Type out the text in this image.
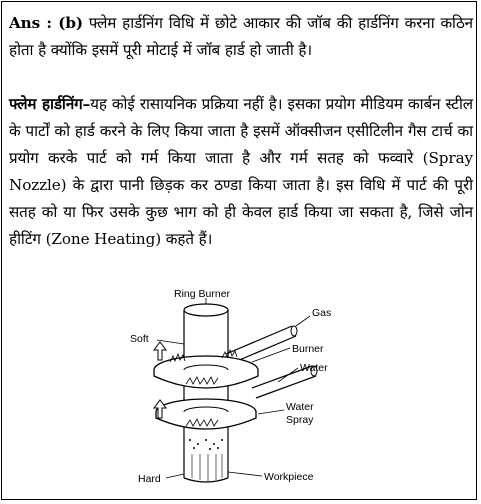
Ans : (b) फ्लेम हार्डनिंग विधि में छोटे आकार की जॉब की हार्डनिंग करना कठिन होता है क्योंकि इसमें पूरी मोटाई में जॉब हार्ड हो जाती है।
फ्लेम हार्डनिंग–यह कोई रासायनिक प्रक्रिया नहीं है। इसका प्रयोग मीडियम कार्बन स्टील के पार्टों को हार्ड करने के लिए किया जाता है इसमें ऑक्सीजन एसीटिलीन गैस टार्च का प्रयोग करके पार्ट को गर्म किया जाता है और गर्म सतह को फव्वारे (Spray Nozzle) के द्वारा पानी छिड़क कर ठण्डा किया जाता है। इस विधि में पार्ट की पूरी सतह को या फिर उसके कुछ भाग को ही केवल हार्ड किया जा सकता है, जिसे जोन हीटिंग (Zone Heating) कहते हैं।
Ring Burner
Gas
Soft
Burner
Water
Water
Spray
Hard	Workpiece
